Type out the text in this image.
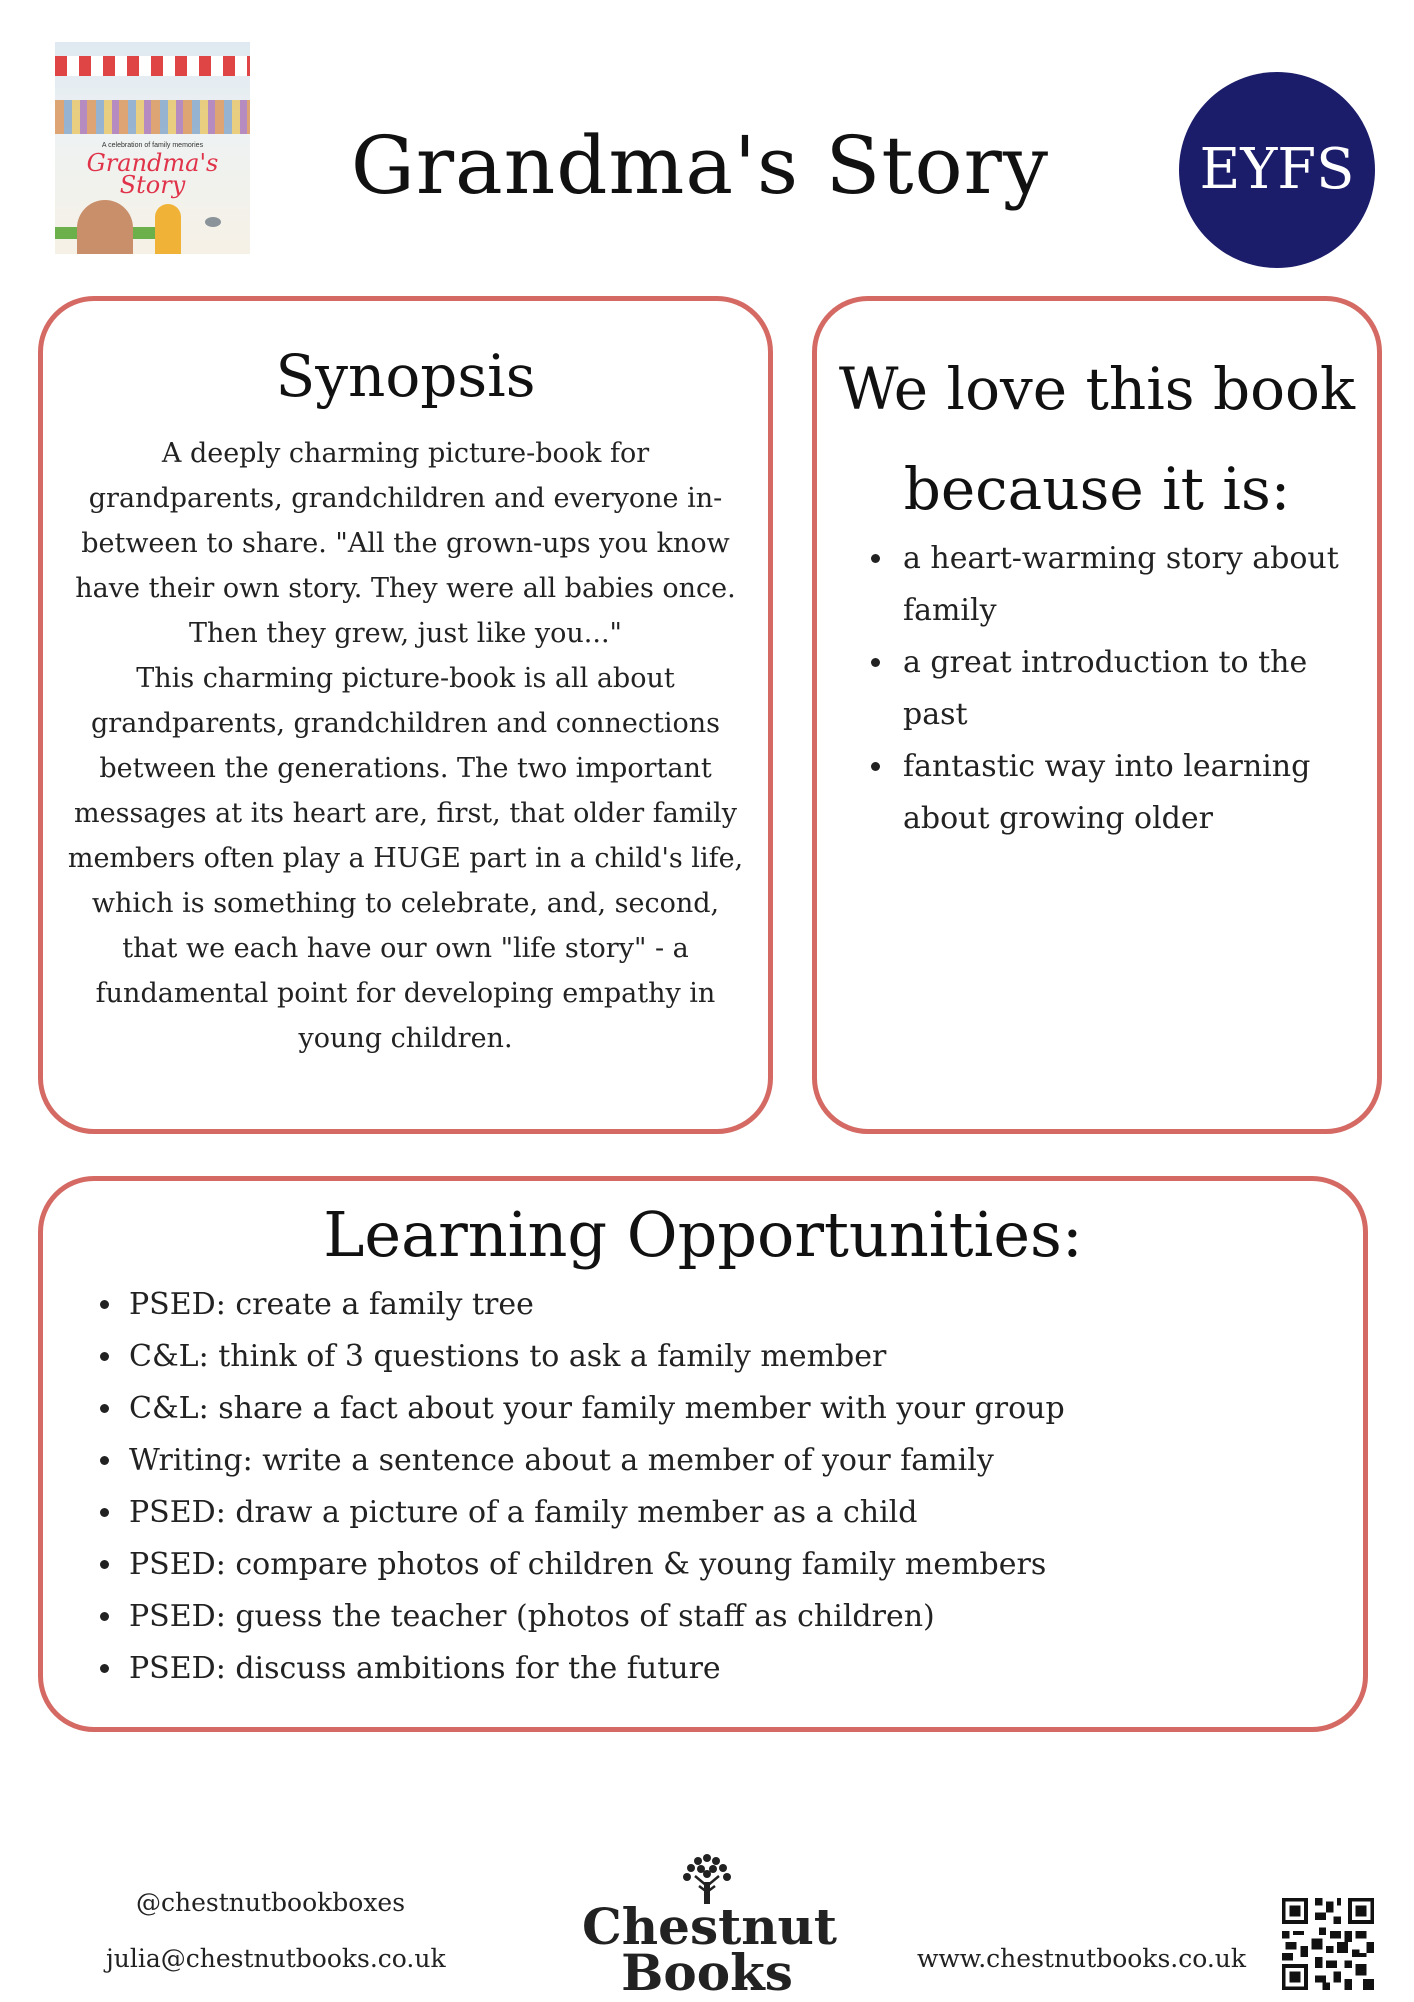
A celebration of family memories
Grandma's Story	Grandma's Story	EYFS
Synopsis

A deeply charming picture-book for grandparents, grandchildren and everyone in-between to share. "All the grown-ups you know have their own story. They were all babies once. Then they grew, just like you..."

This charming picture-book is all about grandparents, grandchildren and connections between the generations. The two important messages at its heart are, first, that older family members often play a HUGE part in a child's life, which is something to celebrate, and, second, that we each have our own "life story" - a fundamental point for developing empathy in young children.

We love this book
because it is:
a heart-warming story about family
a great introduction to the past
fantastic way into learning about growing older
Learning Opportunities:
PSED: create a family tree
C&L: think of 3 questions to ask a family member
C&L: share a fact about your family member with your group
Writing: write a sentence about a member of your family
PSED: draw a picture of a family member as a child
PSED: compare photos of children & young family members
PSED: guess the teacher (photos of staff as children)
PSED: discuss ambitions for the future
@chestnutbookboxes
julia@chestnutbooks.co.uk
Chestnut
Books	www.chestnutbooks.co.uk
